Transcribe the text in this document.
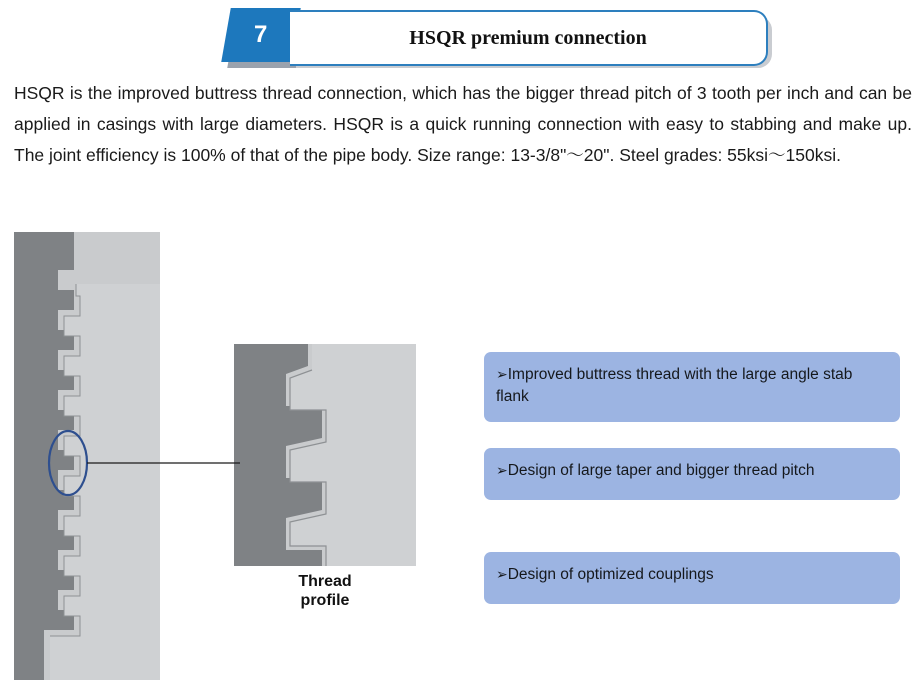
7	HSQR premium connection
HSQR is the improved buttress thread connection, which has the bigger thread pitch of 3 tooth per inch and can be applied in casings with large diameters. HSQR is a quick running connection with easy to stabbing and make up. The joint efficiency is 100% of that of the pipe body. Size range: 13-3/8"～20". Steel grades: 55ksi～150ksi.
Thread
profile
➢Improved buttress thread with the large angle stab flank
➢Design of large taper and bigger thread pitch
➢Design of optimized couplings
